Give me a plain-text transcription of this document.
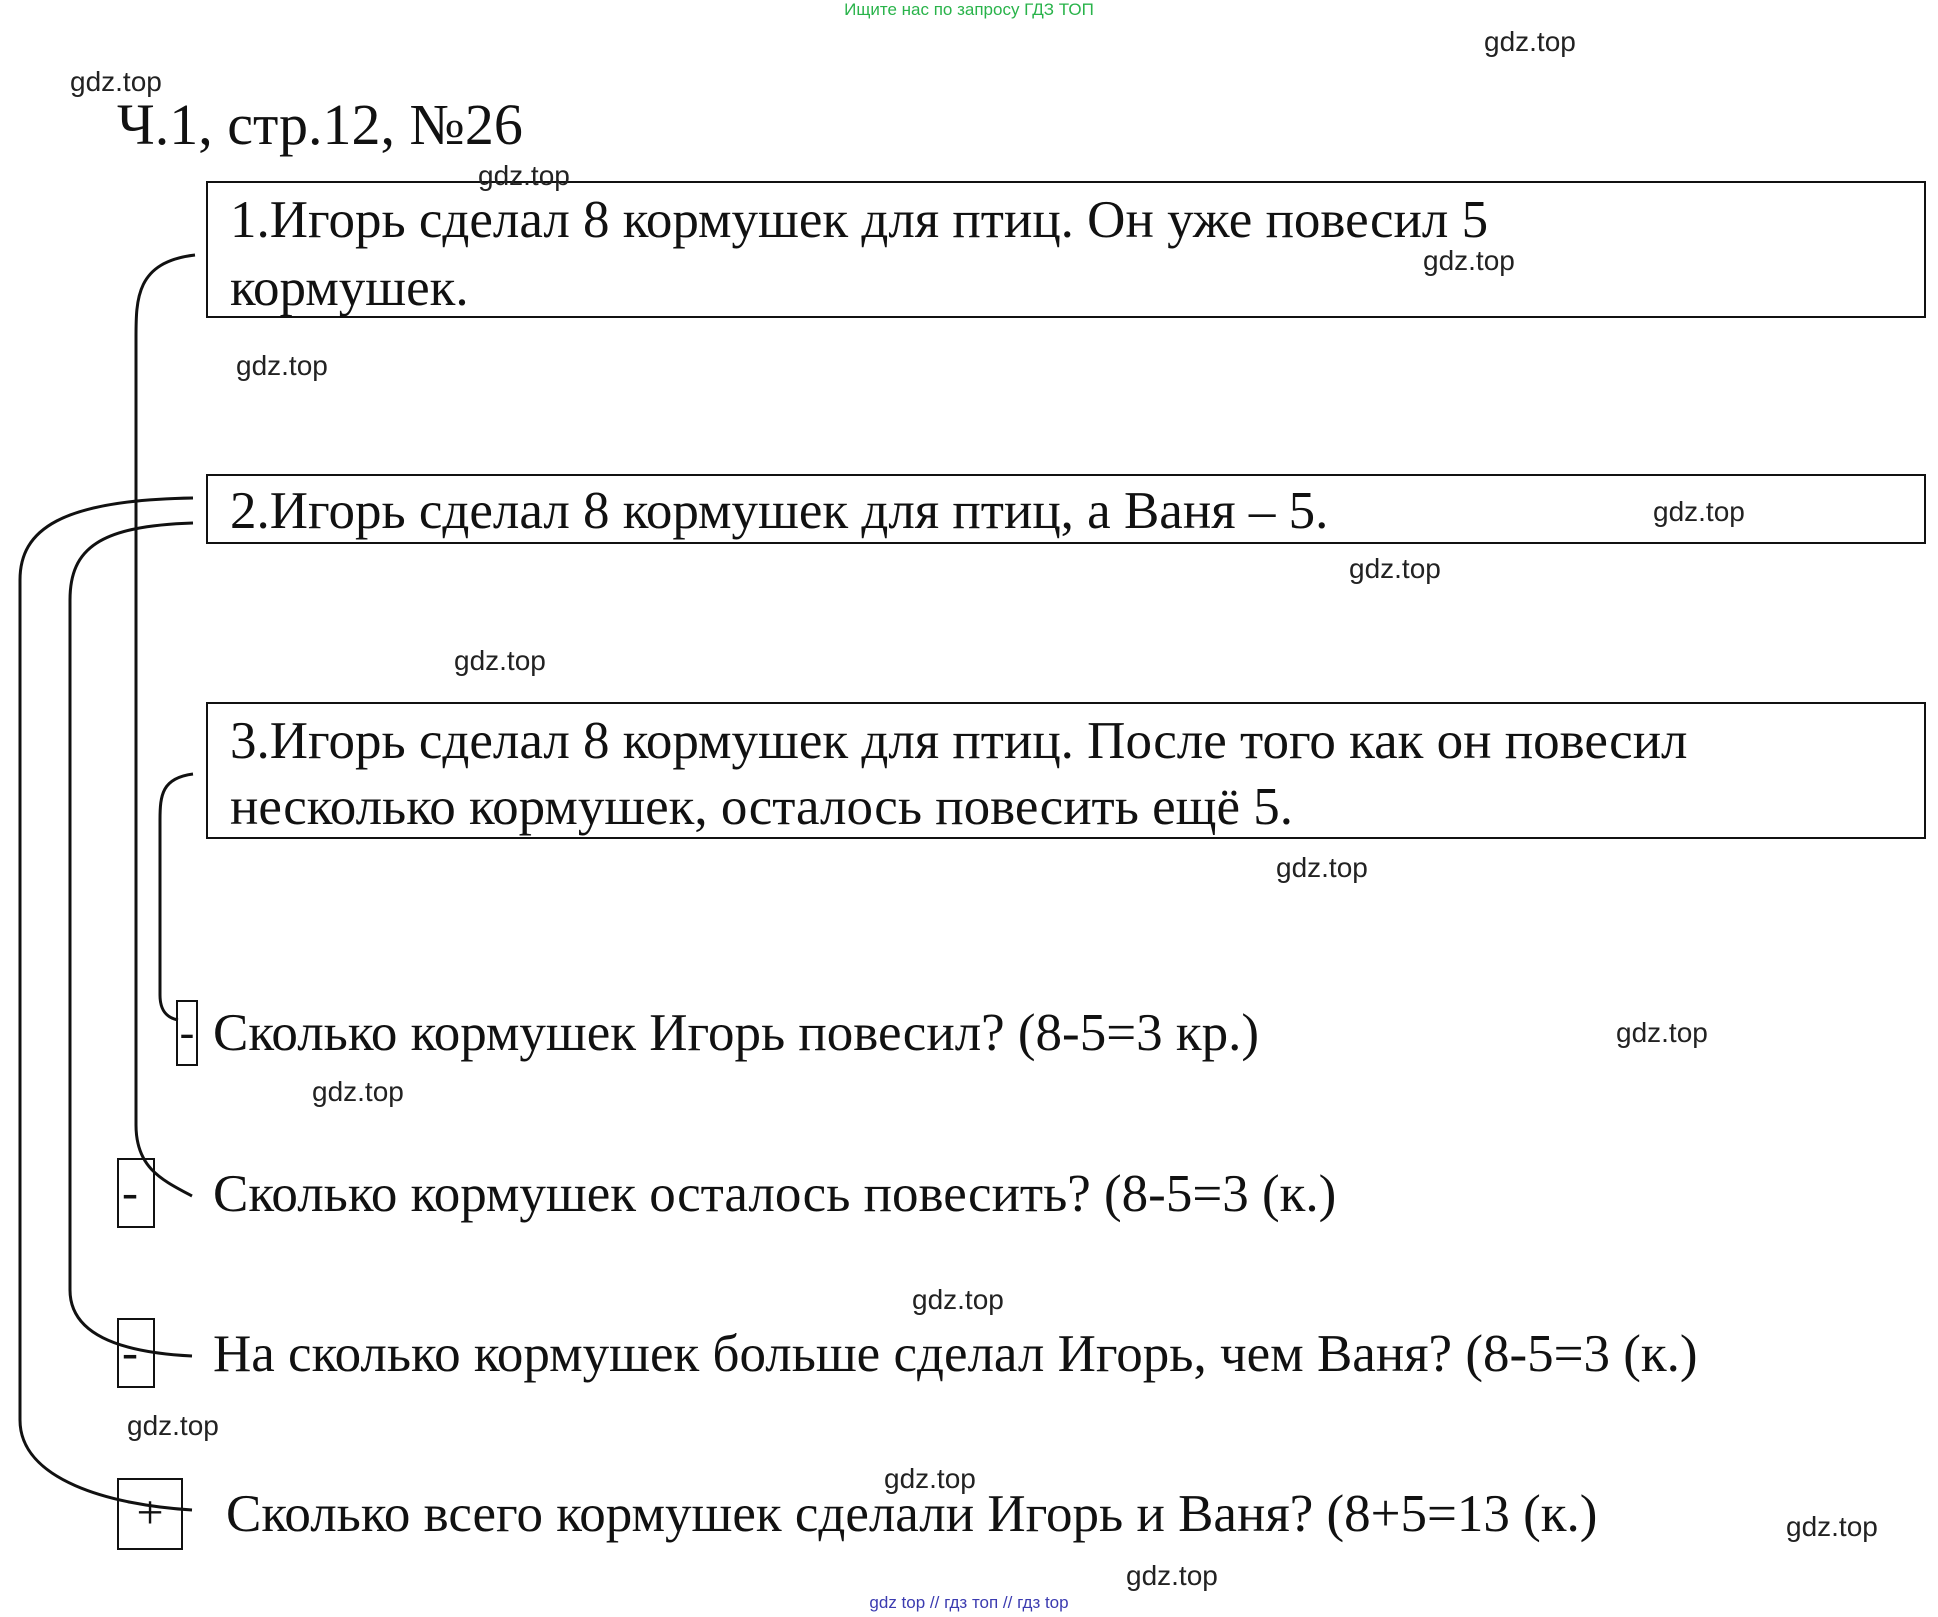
Ищите нас по запросу ГДЗ ТОП
Ч.1, стр.12, №26
1.Игорь сделал 8 кормушек для птиц. Он уже повесил 5
кормушек.
2.Игорь сделал 8 кормушек для птиц, а Ваня – 5.
3.Игорь сделал 8 кормушек для птиц. После того как он повесил
несколько кормушек, осталось повесить ещё 5.
- Сколько кормушек Игорь повесил? (8-5=3 кр.)
-	Сколько кормушек осталось повесить? (8-5=3 (к.)
-	На сколько кормушек больше сделал Игорь, чем Ваня? (8-5=3 (к.)
+	Сколько всего кормушек сделали Игорь и Ваня? (8+5=13 (к.)
gdz.top
gdz.top
gdz.top
gdz.top
gdz.top
gdz.top
gdz.top
gdz.top
gdz.top
gdz.top
gdz.top
gdz.top
gdz.top
gdz.top
gdz.top
gdz.top
gdz top // гдз топ // гдз top
